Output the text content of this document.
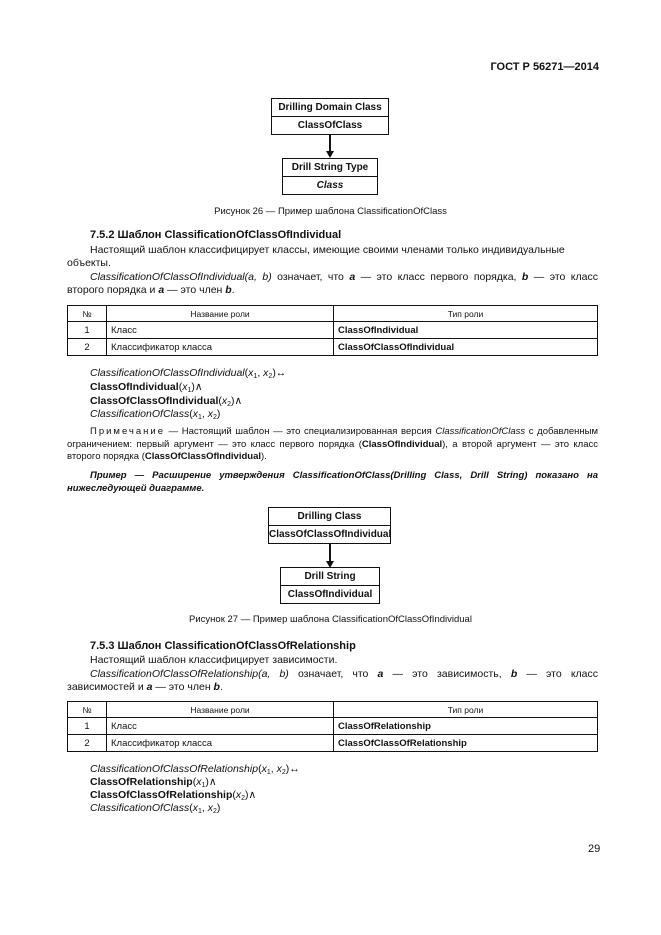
ГОСТ Р 56271—2014
Drilling Domain Class
ClassOfClass
Drill String Type
Class
Рисунок 26 — Пример шаблона ClassificationOfClass
7.5.2 Шаблон ClassificationOfClassOfIndividual
Настоящий шаблон классифицирует классы, имеющие своими членами только индивидуальные объекты.
ClassificationOfClassOfIndividual(a, b) означает, что a — это класс первого порядка, b — это класс второго порядка и a — это член b.
№	Название роли	Тип роли
1	Класс	ClassOfIndividual
2	Классификатор класса	ClassOfClassOfIndividual
$ClassificationOfClassOfIndividual(x_1$, $x_2)\leftrightarrow$
$ClassOfIndividual(x_1)\wedge$
$ClassOfClassOfIndividual(x_2)\wedge$
$ClassificationOfClass(x_1$, $x_2$)
Примечание — Настоящий шаблон — это специализированная версия ClassificationOfClass с добавленным ограничением: первый аргумент — это класс первого порядка (ClassOfIndividual), а второй аргумент — это класс второго порядка (ClassOfClassOfIndividual).
Пример — Расширение утверждения ClassificationOfClass(Drilling Class, Drill String) показано на нижеследующей диаграмме.
Drilling Class
ClassOfClassOfIndividual
Drill String
ClassOfIndividual
Рисунок 27 — Пример шаблона ClassificationOfClassOfIndividual
7.5.3 Шаблон ClassificationOfClassOfRelationship
Настоящий шаблон классифицирует зависимости.
ClassificationOfClassOfRelationship(a, b) означает, что a — это зависимость, b — это класс зависимостей и a — это член b.
№	Название роли	Тип роли
1	Класс	ClassOfRelationship
2	Классификатор класса	ClassOfClassOfRelationship
$ClassificationOfClassOfRelationship(x_1$, $x_2)\leftrightarrow$
$ClassOfRelationship(x_1)\wedge$
$ClassOfClassOfRelationship(x_2)\wedge$
$ClassificationOfClass(x_1$, $x_2$)
29
